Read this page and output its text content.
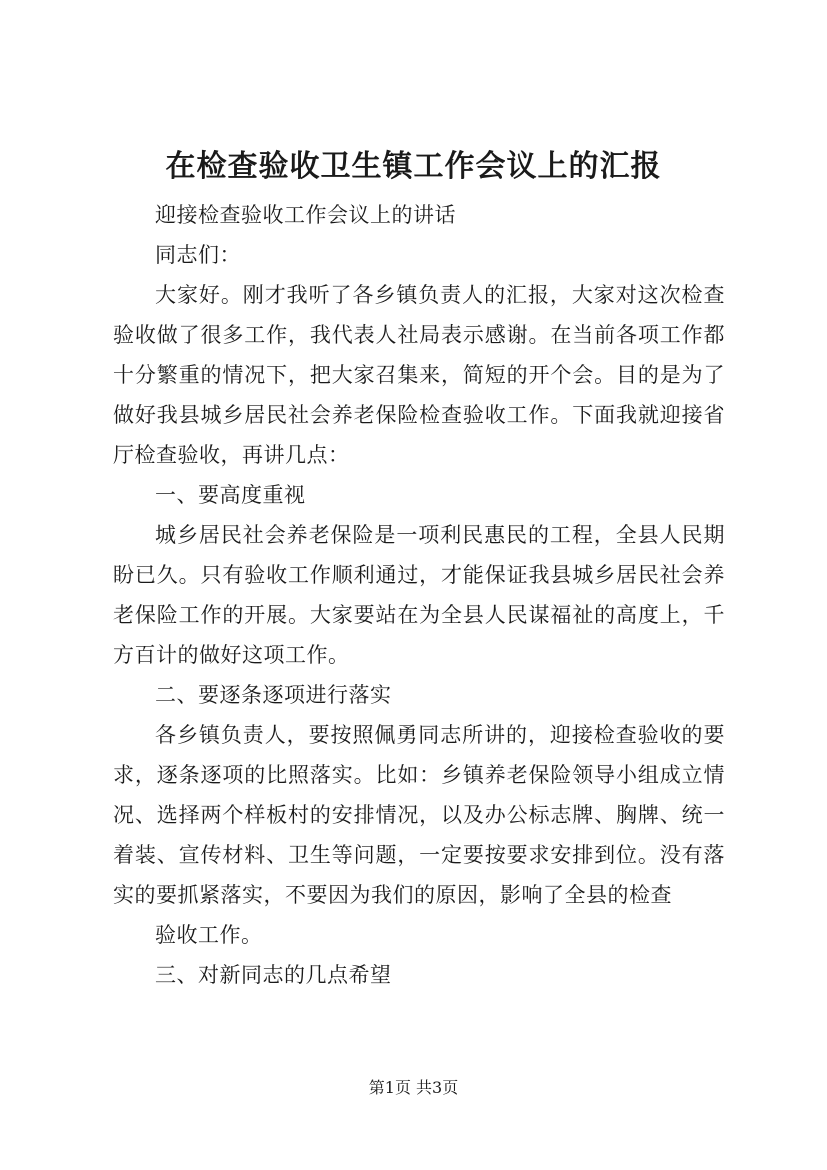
在检查验收卫生镇工作会议上的汇报

迎接检查验收工作会议上的讲话

同志们：

大家好。刚才我听了各乡镇负责人的汇报，大家对这次检查验收做了很多工作，我代表人社局表示感谢。在当前各项工作都十分繁重的情况下，把大家召集来，简短的开个会。目的是为了做好我县城乡居民社会养老保险检查验收工作。下面我就迎接省厅检查验收，再讲几点：

一、要高度重视

城乡居民社会养老保险是一项利民惠民的工程，全县人民期盼已久。只有验收工作顺利通过，才能保证我县城乡居民社会养老保险工作的开展。大家要站在为全县人民谋福祉的高度上，千方百计的做好这项工作。

二、要逐条逐项进行落实

各乡镇负责人，要按照佩勇同志所讲的，迎接检查验收的要求，逐条逐项的比照落实。比如：乡镇养老保险领导小组成立情况、选择两个样板村的安排情况，以及办公标志牌、胸牌、统一着装、宣传材料、卫生等问题，一定要按要求安排到位。没有落实的要抓紧落实，不要因为我们的原因，影响了全县的检查

验收工作。

三、对新同志的几点希望

第1页 共3页
